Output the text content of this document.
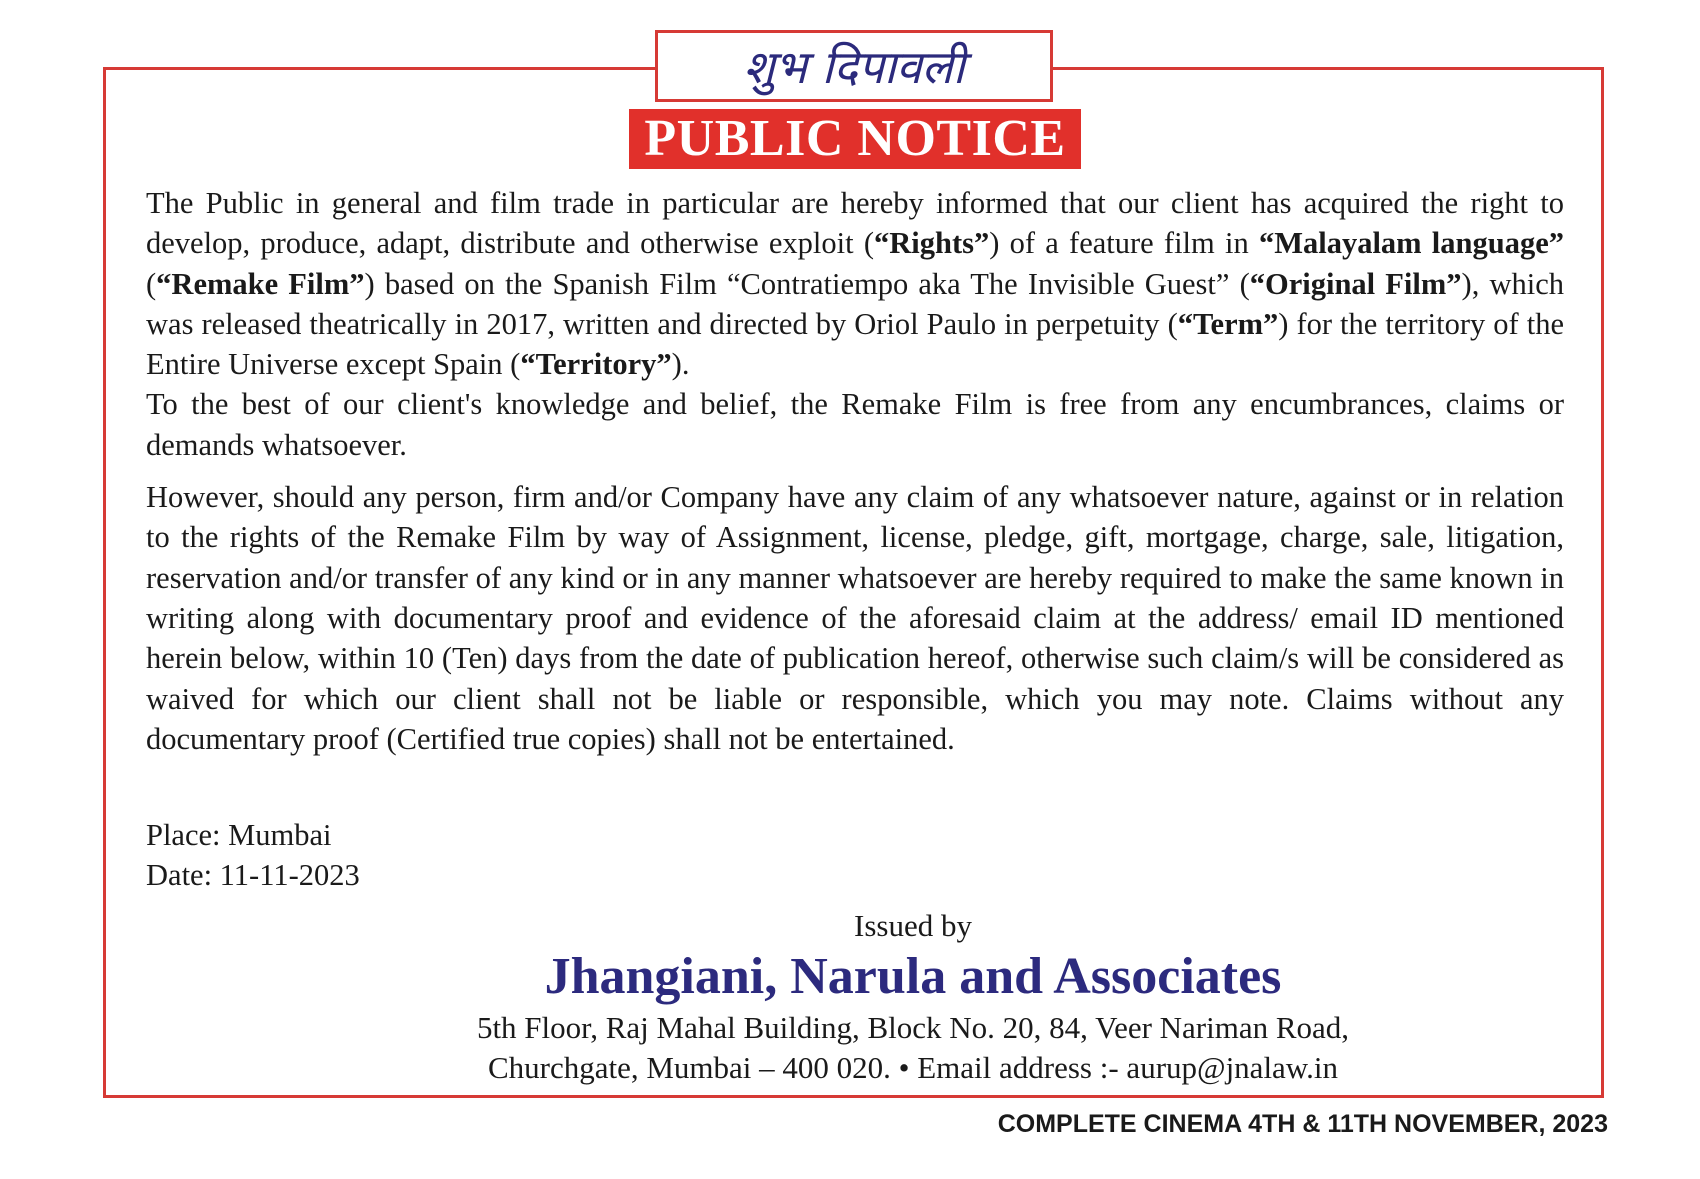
शुभ दिपावली
PUBLIC NOTICE

The Public in general and film trade in particular are hereby informed that our client has acquired the right to develop, produce, adapt, distribute and otherwise exploit (“Rights”) of a feature film in “Malayalam language” (“Remake Film”) based on the Spanish Film “Contratiempo aka The Invisible Guest” (“Original Film”), which was released theatrically in 2017, written and directed by Oriol Paulo in perpetuity (“Term”) for the territory of the Entire Universe except Spain (“Territory”).

To the best of our client's knowledge and belief, the Remake Film is free from any encumbrances, claims or demands whatsoever.

However, should any person, firm and/or Company have any claim of any whatsoever nature, against or in relation to the rights of the Remake Film by way of Assignment, license, pledge, gift, mortgage, charge, sale, litigation, reservation and/or transfer of any kind or in any manner whatsoever are hereby required to make the same known in writing along with documentary proof and evidence of the aforesaid claim at the address/ email ID mentioned herein below, within 10 (Ten) days from the date of publication hereof, otherwise such claim/s will be considered as waived for which our client shall not be liable or responsible, which you may note. Claims without any documentary proof (Certified true copies) shall not be entertained.

Place: Mumbai
Date: 11-11-2023
Issued by
Jhangiani, Narula and Associates
5th Floor, Raj Mahal Building, Block No. 20, 84, Veer Nariman Road,
Churchgate, Mumbai – 400 020. • Email address :- aurup@jnalaw.in
COMPLETE CINEMA 4TH & 11TH NOVEMBER, 2023
